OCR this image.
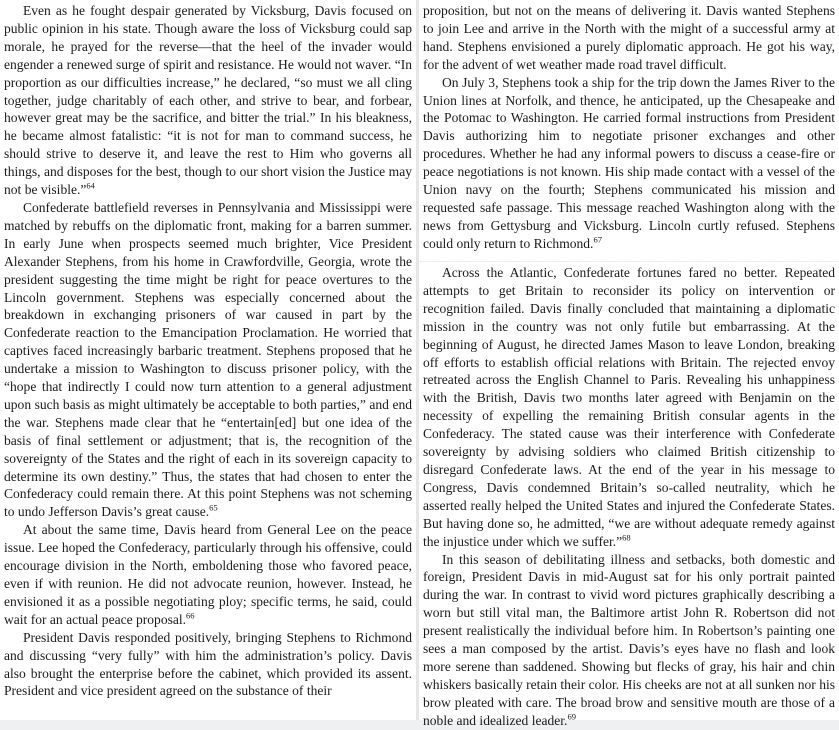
Even as he fought despair generated by Vicksburg, Davis focused on public opinion in his state. Though aware the loss of Vicksburg could sap morale, he prayed for the reverse—that the heel of the invader would engender a renewed surge of spirit and resistance. He would not waver. “In proportion as our difficulties increase,” he declared, “so must we all cling together, judge charitably of each other, and strive to bear, and forbear, however great may be the sacrifice, and bitter the trial.” In his bleakness, he became almost fatalistic: “it is not for man to command success, he should strive to deserve it, and leave the rest to Him who governs all things, and disposes for the best, though to our short vision the Justice may not be visible.”$^{64}$

Confederate battlefield reverses in Pennsylvania and Mississippi were matched by rebuffs on the diplomatic front, making for a barren summer. In early June when prospects seemed much brighter, Vice President Alexander Stephens, from his home in Crawfordville, Georgia, wrote the president suggesting the time might be right for peace overtures to the Lincoln government. Stephens was especially concerned about the breakdown in exchanging prisoners of war caused in part by the Confederate reaction to the Emancipation Proclamation. He worried that captives faced increasingly barbaric treatment. Stephens proposed that he undertake a mission to Washington to discuss prisoner policy, with the “hope that indirectly I could now turn attention to a general adjustment upon such basis as might ultimately be acceptable to both parties,” and end the war. Stephens made clear that he “entertain[ed] but one idea of the basis of final settlement or adjustment; that is, the recognition of the sovereignty of the States and the right of each in its sovereign capacity to determine its own destiny.” Thus, the states that had chosen to enter the Confederacy could remain there. At this point Stephens was not scheming to undo Jefferson Davis’s great cause.$^{65}$

At about the same time, Davis heard from General Lee on the peace issue. Lee hoped the Confederacy, particularly through his offensive, could encourage division in the North, emboldening those who favored peace, even if with reunion. He did not advocate reunion, however. Instead, he envisioned it as a possible negotiating ploy; specific terms, he said, could wait for an actual peace proposal.$^{66}$

President Davis responded positively, bringing Stephens to Richmond and discussing “very fully” with him the administration’s policy. Davis also brought the enterprise before the cabinet, which provided its assent. President and vice president agreed on the substance of their

proposition, but not on the means of delivering it. Davis wanted Stephens to join Lee and arrive in the North with the might of a successful army at hand. Stephens envisioned a purely diplomatic approach. He got his way, for the advent of wet weather made road travel difficult.

On July 3, Stephens took a ship for the trip down the James River to the Union lines at Norfolk, and thence, he anticipated, up the Chesapeake and the Potomac to Washington. He carried formal instructions from President Davis authorizing him to negotiate prisoner exchanges and other procedures. Whether he had any informal powers to discuss a cease-fire or peace negotiations is not known. His ship made contact with a vessel of the Union navy on the fourth; Stephens communicated his mission and requested safe passage. This message reached Washington along with the news from Gettysburg and Vicksburg. Lincoln curtly refused. Stephens could only return to Richmond.$^{67}$

Across the Atlantic, Confederate fortunes fared no better. Repeated attempts to get Britain to reconsider its policy on intervention or recognition failed. Davis finally concluded that maintaining a diplomatic mission in the country was not only futile but embarrassing. At the beginning of August, he directed James Mason to leave London, breaking off efforts to establish official relations with Britain. The rejected envoy retreated across the English Channel to Paris. Revealing his unhappiness with the British, Davis two months later agreed with Benjamin on the necessity of expelling the remaining British consular agents in the Confederacy. The stated cause was their interference with Confederate sovereignty by advising soldiers who claimed British citizenship to disregard Confederate laws. At the end of the year in his message to Congress, Davis condemned Britain’s so-called neutrality, which he asserted really helped the United States and injured the Confederate States. But having done so, he admitted, “we are without adequate remedy against the injustice under which we suffer.”$^{68}$

In this season of debilitating illness and setbacks, both domestic and foreign, President Davis in mid-August sat for his only portrait painted during the war. In contrast to vivid word pictures graphically describing a worn but still vital man, the Baltimore artist John R. Robertson did not present realistically the individual before him. In Robertson’s painting one sees a man composed by the artist. Davis’s eyes have no flash and look more serene than saddened. Showing but flecks of gray, his hair and chin whiskers basically retain their color. His cheeks are not at all sunken nor his brow pleated with care. The broad brow and sensitive mouth are those of a noble and idealized leader.$^{69}$
